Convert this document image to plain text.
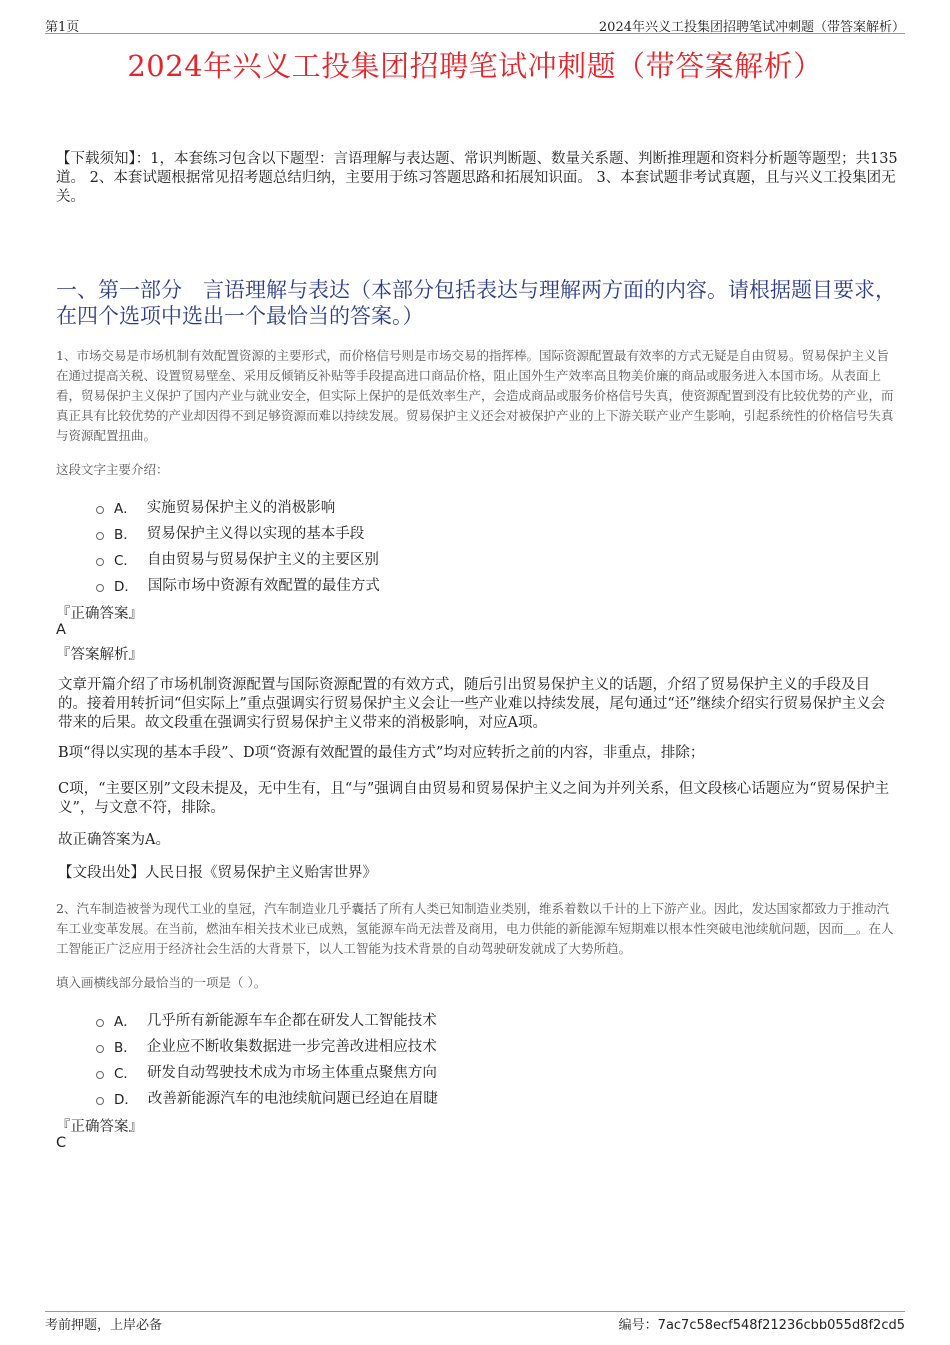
第1页	2024年兴义工投集团招聘笔试冲刺题（带答案解析）
2024年兴义工投集团招聘笔试冲刺题（带答案解析）
【下载须知】：1，本套练习包含以下题型：言语理解与表达题、常识判断题、数量关系题、判断推理题和资料分析题等题型；共135道。 2、本套试题根据常见招考题总结归纳，主要用于练习答题思路和拓展知识面。 3、本套试题非考试真题，且与兴义工投集团无关。
一、第一部分　言语理解与表达（本部分包括表达与理解两方面的内容。请根据题目要求，在四个选项中选出一个最恰当的答案。）
1、市场交易是市场机制有效配置资源的主要形式，而价格信号则是市场交易的指挥棒。国际资源配置最有效率的方式无疑是自由贸易。贸易保护主义旨在通过提高关税、设置贸易壁垒、采用反倾销反补贴等手段提高进口商品价格，阻止国外生产效率高且物美价廉的商品或服务进入本国市场。从表面上看，贸易保护主义保护了国内产业与就业安全，但实际上保护的是低效率生产，会造成商品或服务价格信号失真，使资源配置到没有比较优势的产业，而真正具有比较优势的产业却因得不到足够资源而难以持续发展。贸易保护主义还会对被保护产业的上下游关联产业产生影响，引起系统性的价格信号失真与资源配置扭曲。
这段文字主要介绍：
A． 实施贸易保护主义的消极影响
B． 贸易保护主义得以实现的基本手段
C． 自由贸易与贸易保护主义的主要区别
D． 国际市场中资源有效配置的最佳方式
『正确答案』
A
『答案解析』
文章开篇介绍了市场机制资源配置与国际资源配置的有效方式，随后引出贸易保护主义的话题，介绍了贸易保护主义的手段及目的。接着用转折词“但实际上”重点强调实行贸易保护主义会让一些产业难以持续发展，尾句通过“还”继续介绍实行贸易保护主义会带来的后果。故文段重在强调实行贸易保护主义带来的消极影响，对应A项。
B项“得以实现的基本手段”、D项“资源有效配置的最佳方式”均对应转折之前的内容，非重点，排除；
C项，“主要区别”文段未提及，无中生有，且“与”强调自由贸易和贸易保护主义之间为并列关系，但文段核心话题应为“贸易保护主义”，与文意不符，排除。
故正确答案为A。
【文段出处】人民日报《贸易保护主义贻害世界》
2、汽车制造被誉为现代工业的皇冠，汽车制造业几乎囊括了所有人类已知制造业类别，维系着数以千计的上下游产业。因此，发达国家都致力于推动汽车工业变革发展。在当前，燃油车相关技术业已成熟，氢能源车尚无法普及商用，电力供能的新能源车短期难以根本性突破电池续航问题，因而＿。在人工智能正广泛应用于经济社会生活的大背景下，以人工智能为技术背景的自动驾驶研发就成了大势所趋。
填入画横线部分最恰当的一项是（ ）。
A． 几乎所有新能源车车企都在研发人工智能技术
B． 企业应不断收集数据进一步完善改进相应技术
C． 研发自动驾驶技术成为市场主体重点聚焦方向
D． 改善新能源汽车的电池续航问题已经迫在眉睫
『正确答案』
C
考前押题，上岸必备	编号：7ac7c58ecf548f21236cbb055d8f2cd5
